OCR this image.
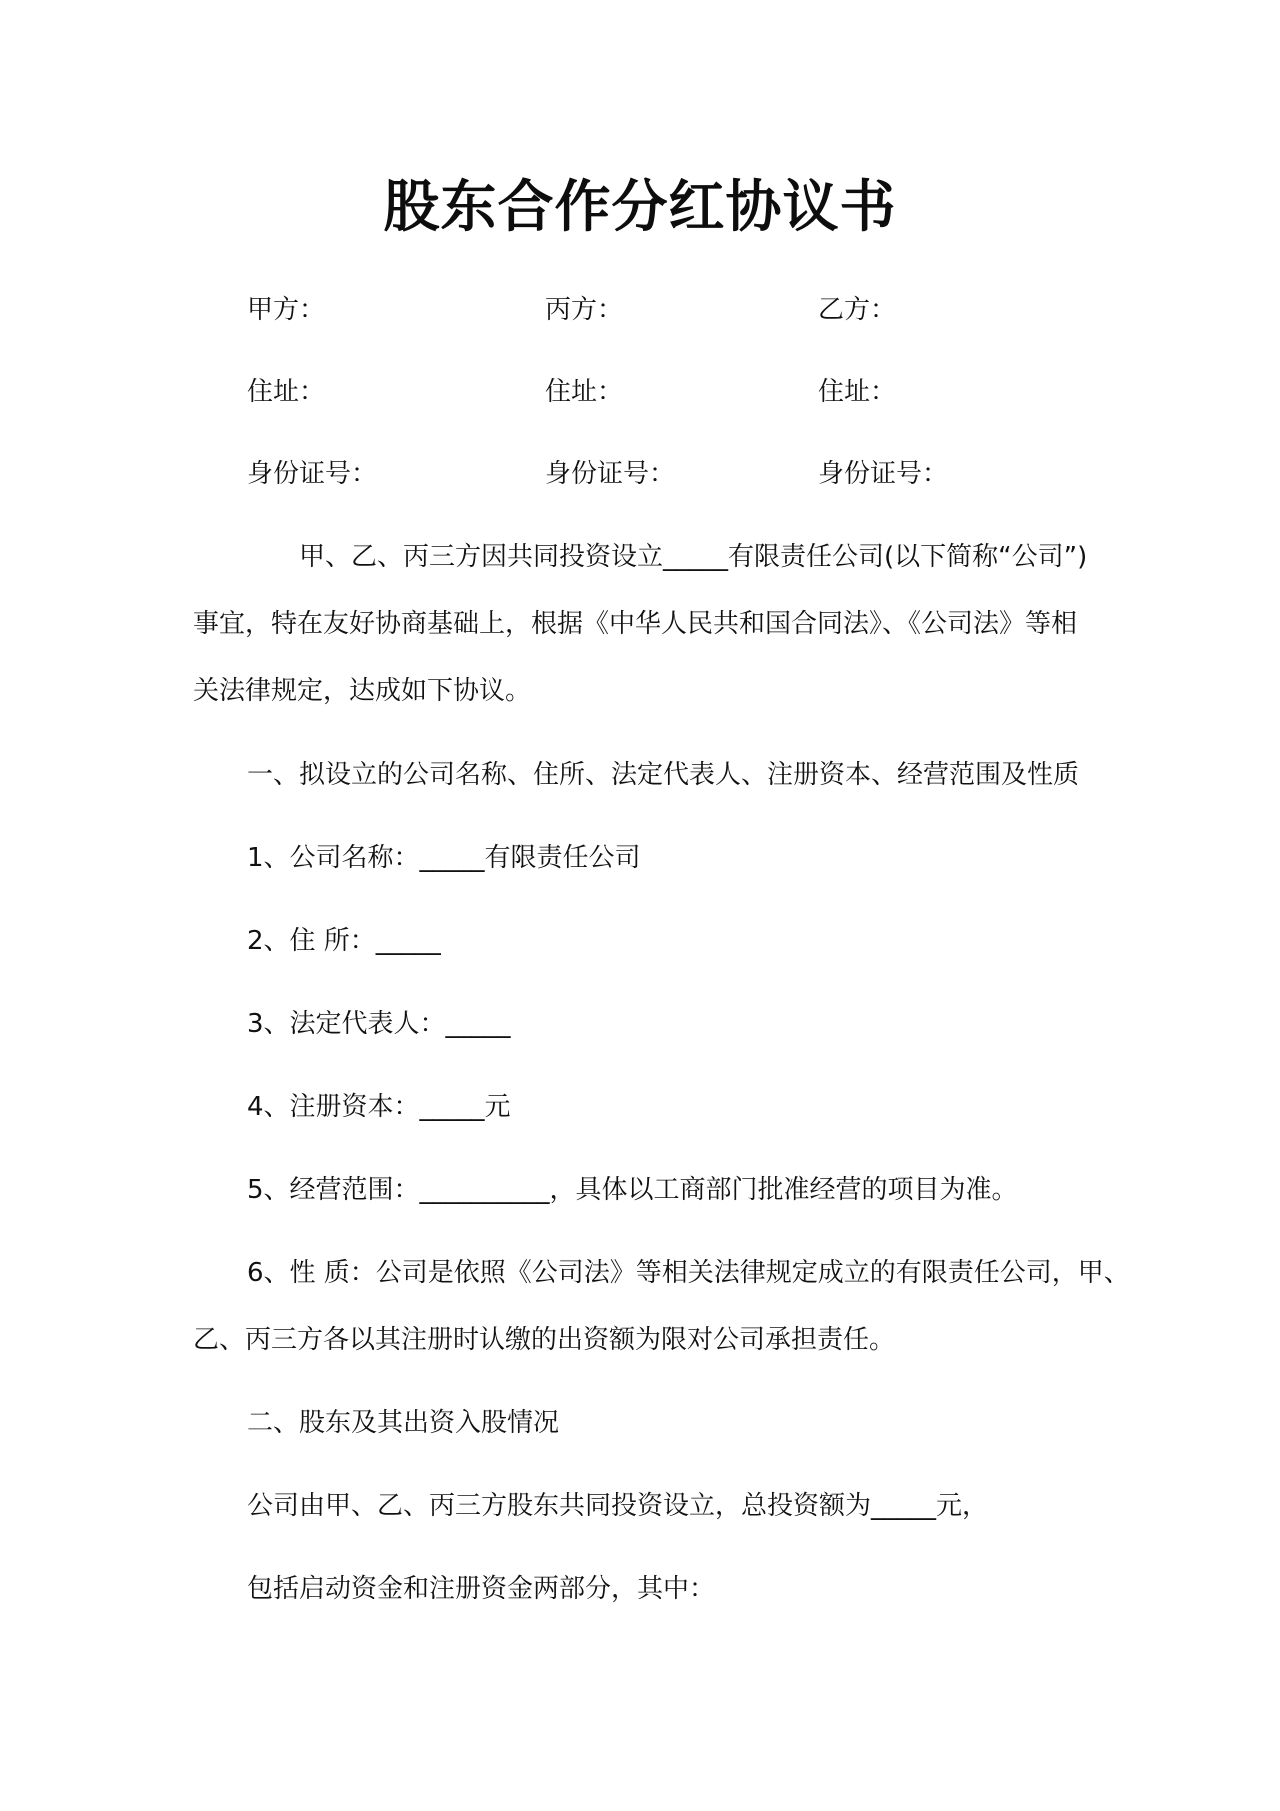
股东合作分红协议书
甲方：	丙方：	乙方：
住址：	住址：	住址：
身份证号：	身份证号：	身份证号：
甲、乙、丙三方因共同投资设立_____有限责任公司(以下简称“公司”)
事宜，特在友好协商基础上，根据《中华人民共和国合同法》、《公司法》等相
关法律规定，达成如下协议。
一、拟设立的公司名称、住所、法定代表人、注册资本、经营范围及性质
1、公司名称：_____有限责任公司
2、住 所：_____
3、法定代表人：_____
4、注册资本：_____元
5、经营范围：__________，具体以工商部门批准经营的项目为准。
6、性 质：公司是依照《公司法》等相关法律规定成立的有限责任公司，甲、
乙、丙三方各以其注册时认缴的出资额为限对公司承担责任。
二、股东及其出资入股情况
公司由甲、乙、丙三方股东共同投资设立，总投资额为_____元，
包括启动资金和注册资金两部分，其中：
